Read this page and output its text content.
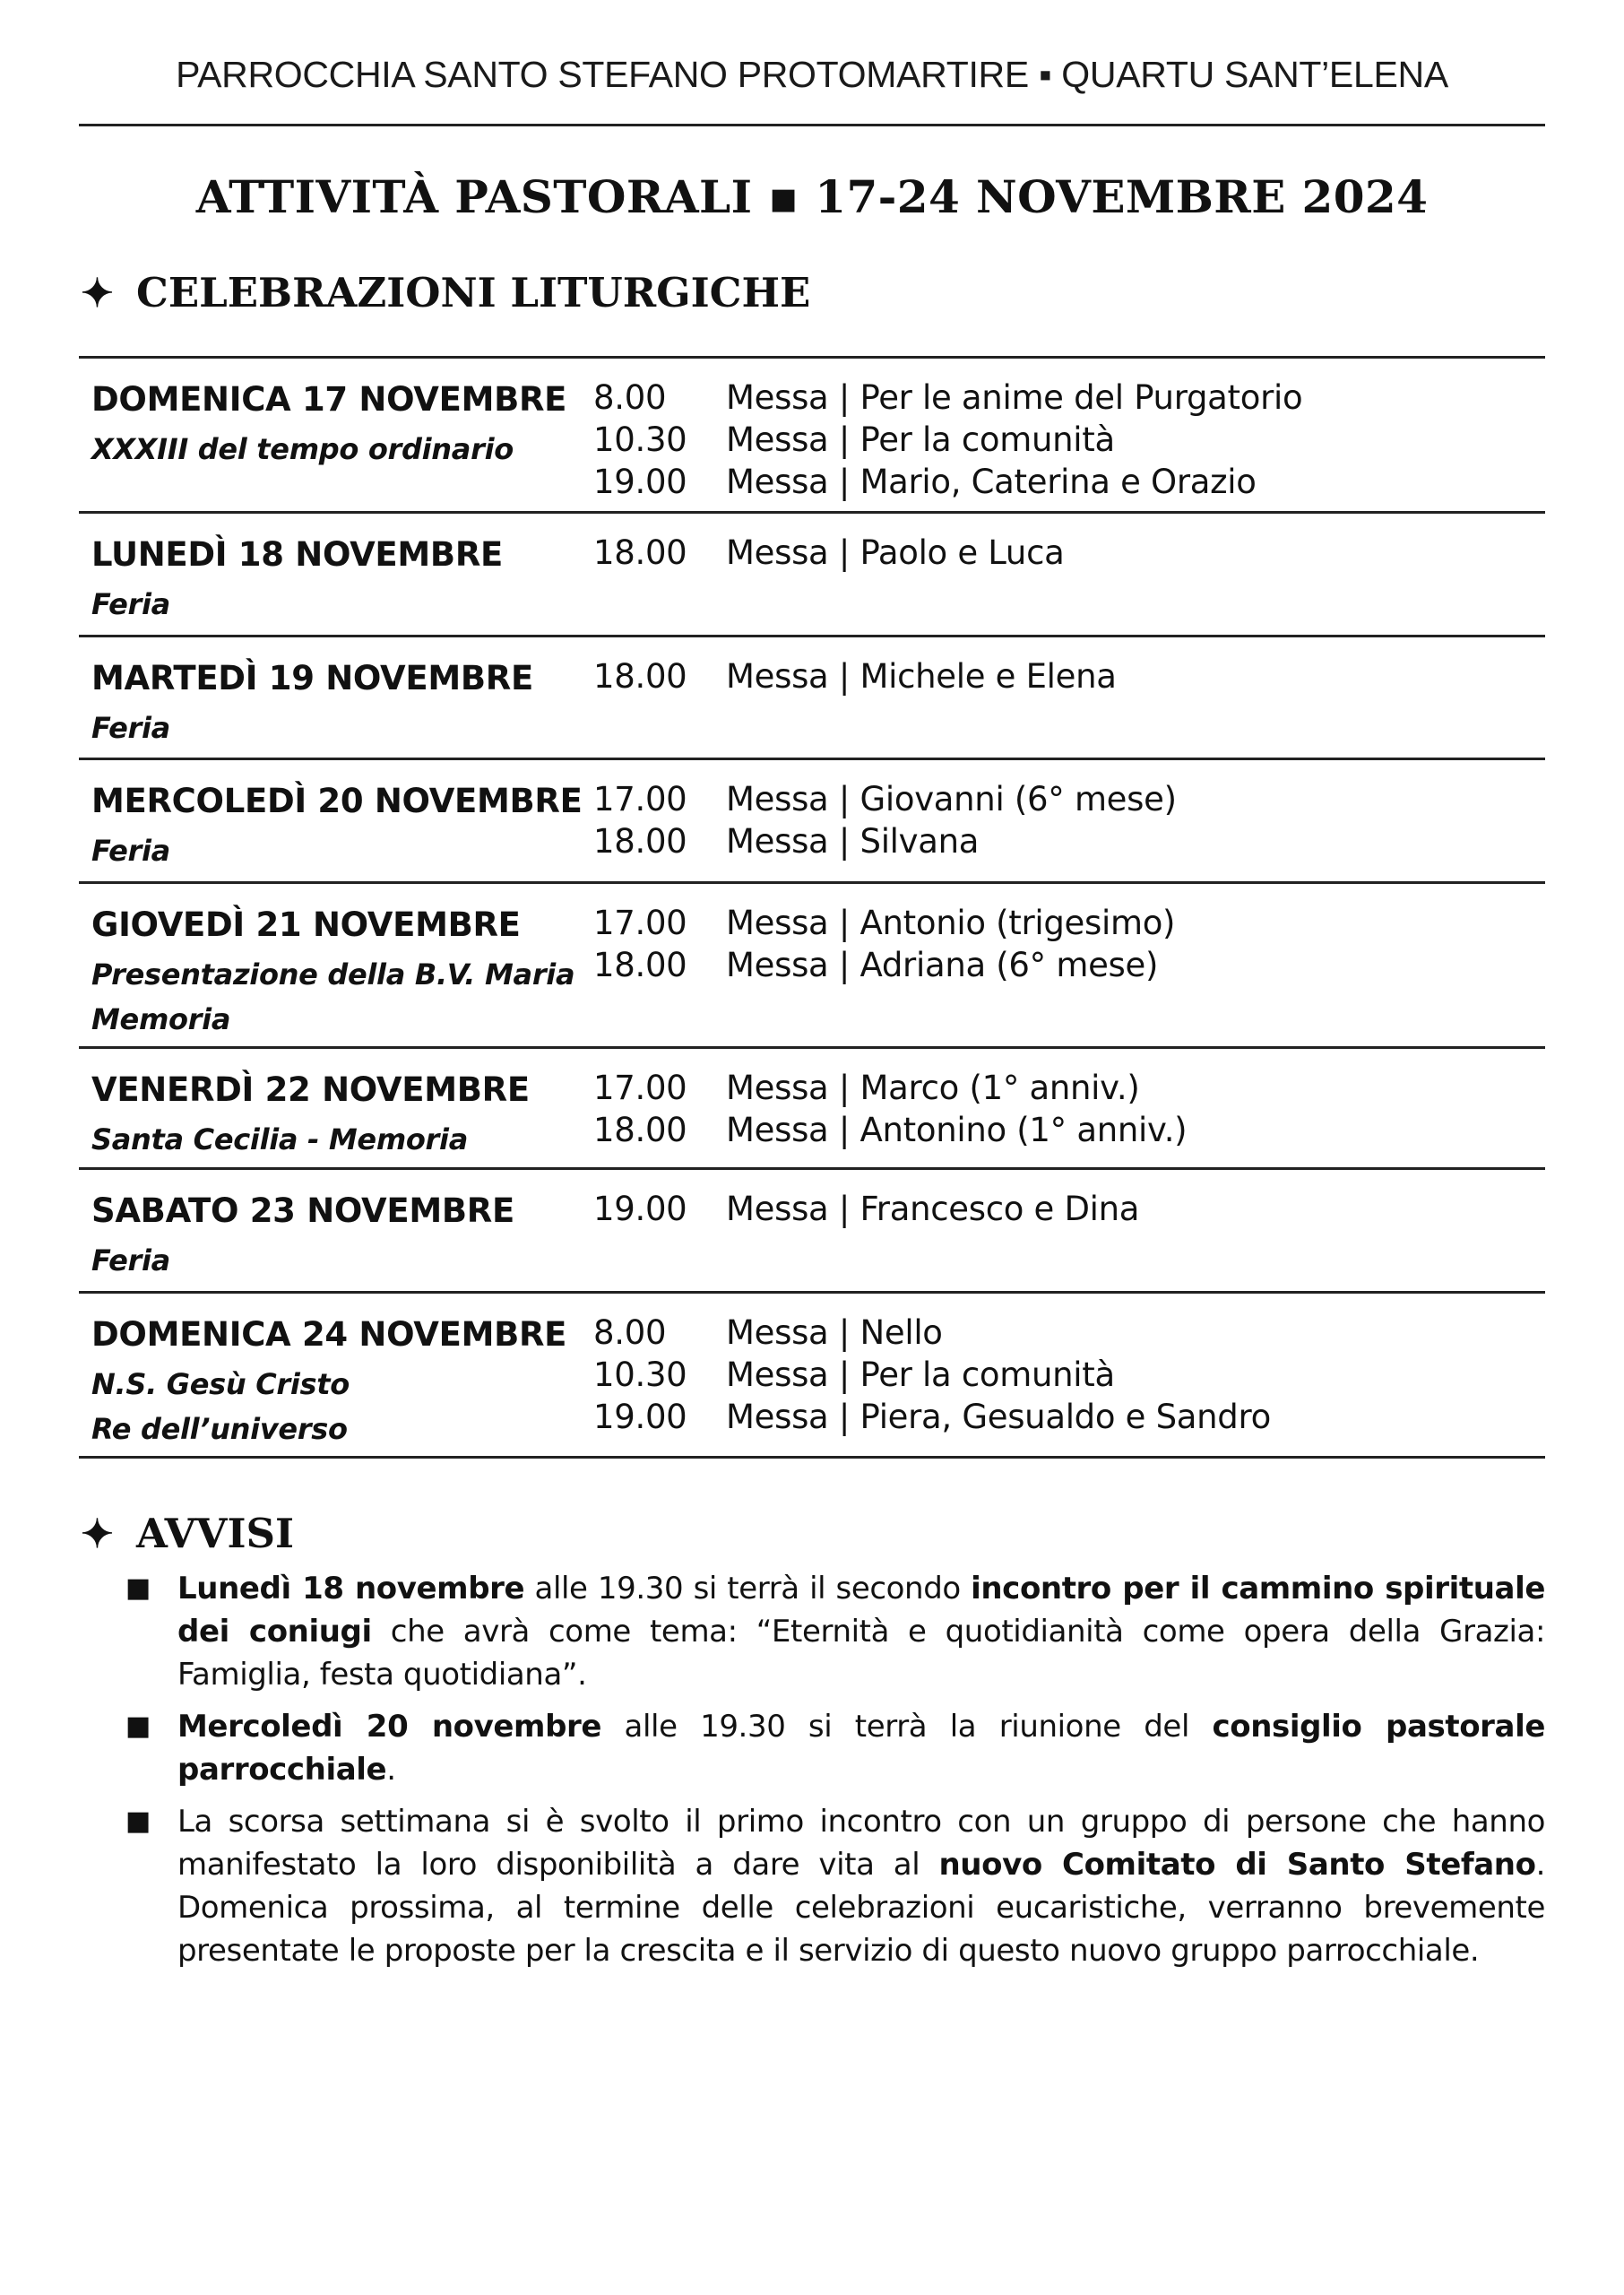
PARROCCHIA SANTO STEFANO PROTOMARTIRE ▪ QUARTU SANT’ELENA
ATTIVITÀ PASTORALI ▪ 17-24 NOVEMBRE 2024
✦ CELEBRAZIONI LITURGICHE
DOMENICA 17 NOVEMBRE
XXXIII del tempo ordinario
8.00 Messa | Per le anime del Purgatorio
10.30 Messa | Per la comunità
19.00 Messa | Mario, Caterina e Orazio
LUNEDÌ 18 NOVEMBRE
Feria
18.00 Messa | Paolo e Luca
MARTEDÌ 19 NOVEMBRE
Feria
18.00 Messa | Michele e Elena
MERCOLEDÌ 20 NOVEMBRE
Feria
17.00 Messa | Giovanni (6° mese)
18.00 Messa | Silvana
GIOVEDÌ 21 NOVEMBRE
Presentazione della B.V. Maria
Memoria
17.00 Messa | Antonio (trigesimo)
18.00 Messa | Adriana (6° mese)
VENERDÌ 22 NOVEMBRE
Santa Cecilia - Memoria
17.00 Messa | Marco (1° anniv.)
18.00 Messa | Antonino (1° anniv.)
SABATO 23 NOVEMBRE
Feria
19.00 Messa | Francesco e Dina
DOMENICA 24 NOVEMBRE
N.S. Gesù Cristo
Re dell’universo
8.00 Messa | Nello
10.30 Messa | Per la comunità
19.00 Messa | Piera, Gesualdo e Sandro
✦ AVVISI
■ Lunedì 18 novembre alle 19.30 si terrà il secondo incontro per il cammino spirituale dei coniugi che avrà come tema: “Eternità e quotidianità come opera della Grazia: Famiglia, festa quotidiana”.
■ Mercoledì 20 novembre alle 19.30 si terrà la riunione del consiglio pastorale parrocchiale.
■ La scorsa settimana si è svolto il primo incontro con un gruppo di persone che hanno manifestato la loro disponibilità a dare vita al nuovo Comitato di Santo Stefano. Domenica prossima, al termine delle celebrazioni eucaristiche, verranno brevemente presentate le proposte per la crescita e il servizio di questo nuovo gruppo parrocchiale.
